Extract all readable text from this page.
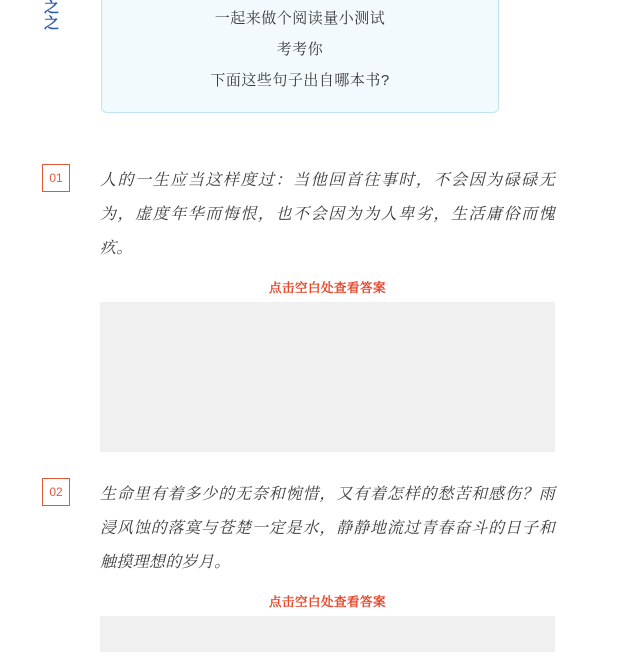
之
之	一起来做个阅读量小测试
考考你
下面这些句子出自哪本书?
01	人的一生应当这样度过：当他回首往事时，不会因为碌碌无为，虚度年华而悔恨，也不会因为为人卑劣，生活庸俗而愧疚。
点击空白处查看答案
02	生命里有着多少的无奈和惋惜，又有着怎样的愁苦和感伤？雨浸风蚀的落寞与苍楚一定是水，静静地流过青春奋斗的日子和触摸理想的岁月。
点击空白处查看答案
